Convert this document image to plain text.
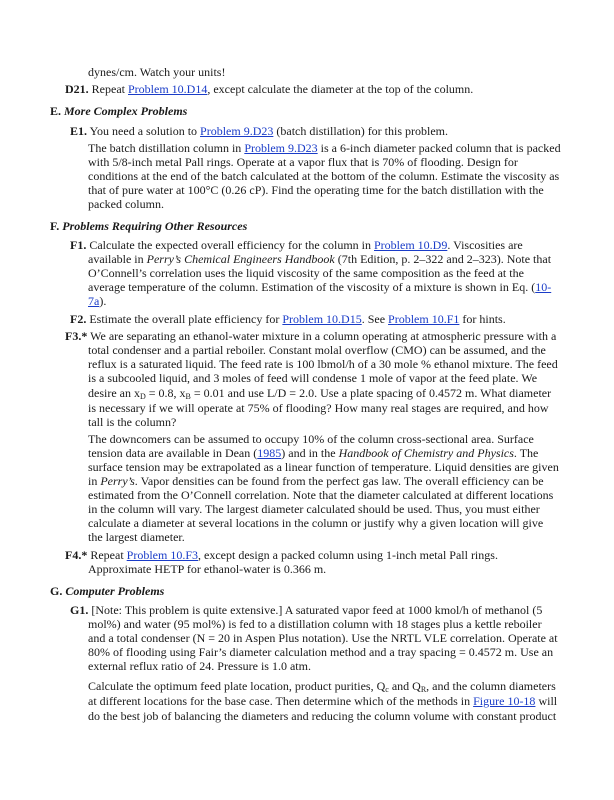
dynes/cm. Watch your units!
D21. Repeat Problem 10.D14, except calculate the diameter at the top of the column.
E. More Complex Problems
E1. You need a solution to Problem 9.D23 (batch distillation) for this problem.
The batch distillation column in Problem 9.D23 is a 6-inch diameter packed column that is packed
with 5/8-inch metal Pall rings. Operate at a vapor flux that is 70% of flooding. Design for
conditions at the end of the batch calculated at the bottom of the column. Estimate the viscosity as
that of pure water at 100°C (0.26 cP). Find the operating time for the batch distillation with the
packed column.
F. Problems Requiring Other Resources
F1. Calculate the expected overall efficiency for the column in Problem 10.D9. Viscosities are
available in Perry’s Chemical Engineers Handbook (7th Edition, p. 2–322 and 2–323). Note that
O’Connell’s correlation uses the liquid viscosity of the same composition as the feed at the
average temperature of the column. Estimation of the viscosity of a mixture is shown in Eq. (10-
7a).
F2. Estimate the overall plate efficiency for Problem 10.D15. See Problem 10.F1 for hints.
F3.* We are separating an ethanol-water mixture in a column operating at atmospheric pressure with a
total condenser and a partial reboiler. Constant molal overflow (CMO) can be assumed, and the
reflux is a saturated liquid. The feed rate is 100 lbmol/h of a 30 mole % ethanol mixture. The feed
is a subcooled liquid, and 3 moles of feed will condense 1 mole of vapor at the feed plate. We
desire an $x_D = 0.8$, $x_B = 0.01$ and use L/D = 2.0. Use a plate spacing of 0.4572 m. What diameter
is necessary if we will operate at 75% of flooding? How many real stages are required, and how
tall is the column?
The downcomers can be assumed to occupy 10% of the column cross-sectional area. Surface
tension data are available in Dean (1985) and in the Handbook of Chemistry and Physics. The
surface tension may be extrapolated as a linear function of temperature. Liquid densities are given
in Perry’s. Vapor densities can be found from the perfect gas law. The overall efficiency can be
estimated from the O’Connell correlation. Note that the diameter calculated at different locations
in the column will vary. The largest diameter calculated should be used. Thus, you must either
calculate a diameter at several locations in the column or justify why a given location will give
the largest diameter.
F4.* Repeat Problem 10.F3, except design a packed column using 1-inch metal Pall rings.
Approximate HETP for ethanol-water is 0.366 m.
G. Computer Problems
G1. [Note: This problem is quite extensive.] A saturated vapor feed at 1000 kmol/h of methanol (5
mol%) and water (95 mol%) is fed to a distillation column with 18 stages plus a kettle reboiler
and a total condenser (N = 20 in Aspen Plus notation). Use the NRTL VLE correlation. Operate at
80% of flooding using Fair’s diameter calculation method and a tray spacing = 0.4572 m. Use an
external reflux ratio of 24. Pressure is 1.0 atm.
Calculate the optimum feed plate location, product purities, $Q_c$ and $Q_R$, and the column diameters
at different locations for the base case. Then determine which of the methods in Figure 10-18 will
do the best job of balancing the diameters and reducing the column volume with constant product
